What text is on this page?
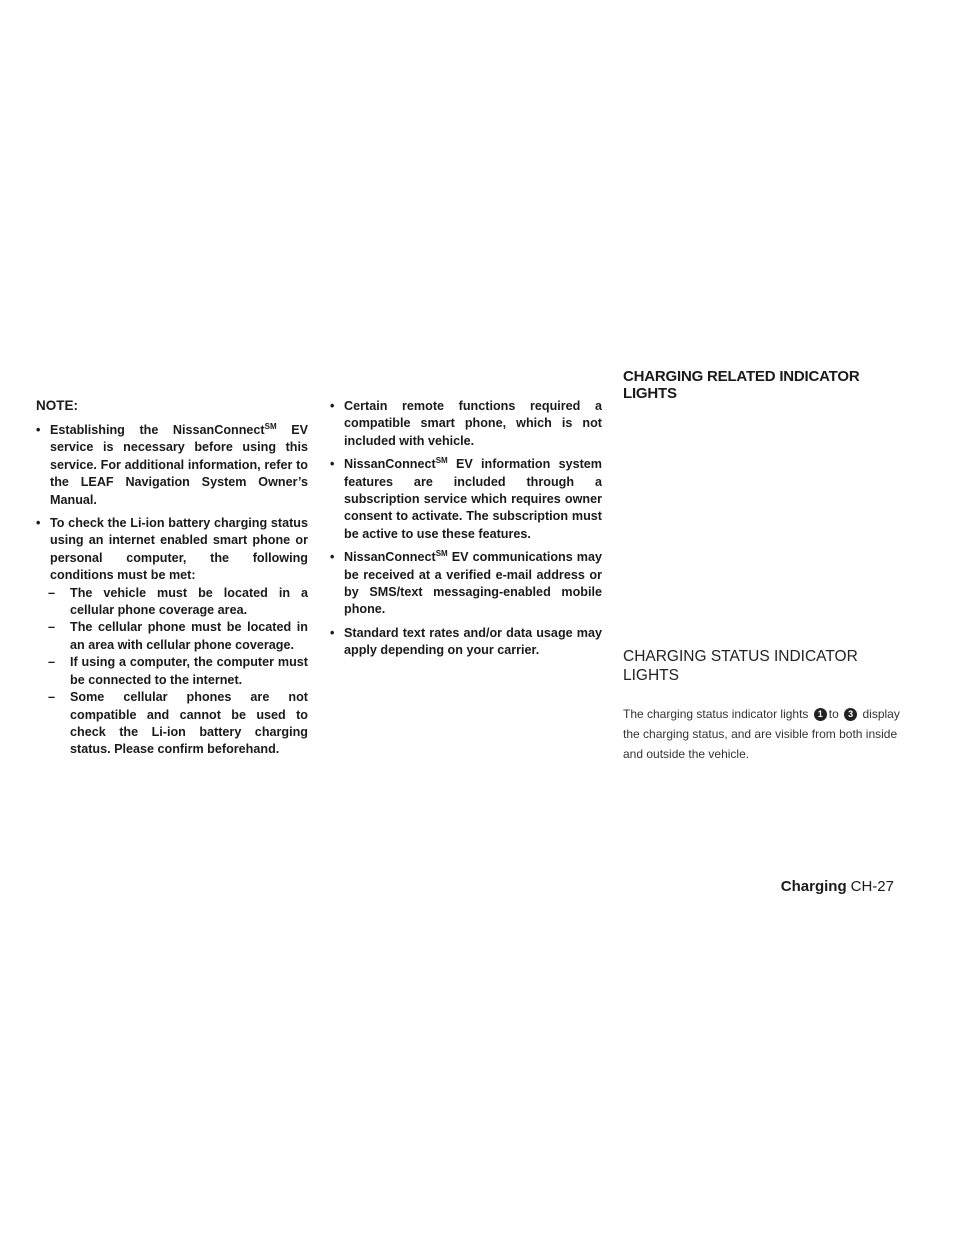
NOTE:
• Establishing the NissanConnect℠ EV service is necessary before using this service. For additional information, refer to the LEAF Navigation System Owner’s Manual.
• To check the Li-ion battery charging status using an internet enabled smart phone or personal computer, the following conditions must be met:
– The vehicle must be located in a cellular phone coverage area.
– The cellular phone must be located in an area with cellular phone coverage.
– If using a computer, the computer must be connected to the internet.
– Some cellular phones are not compatible and cannot be used to check the Li-ion battery charging status. Please confirm beforehand.
• Certain remote functions required a compatible smart phone, which is not included with vehicle.
• NissanConnect℠ EV information system features are included through a subscription service which requires owner consent to activate. The subscription must be active to use these features.
• NissanConnect℠ EV communications may be received at a verified e-mail address or by SMS/text messaging-enabled mobile phone.
• Standard text rates and/or data usage may apply depending on your carrier.
CHARGING RELATED INDICATOR LIGHTS
CHARGING STATUS INDICATOR LIGHTS

The charging status indicator lights 1 to 3 display the charging status, and are visible from both inside and outside the vehicle.

Charging CH-27
